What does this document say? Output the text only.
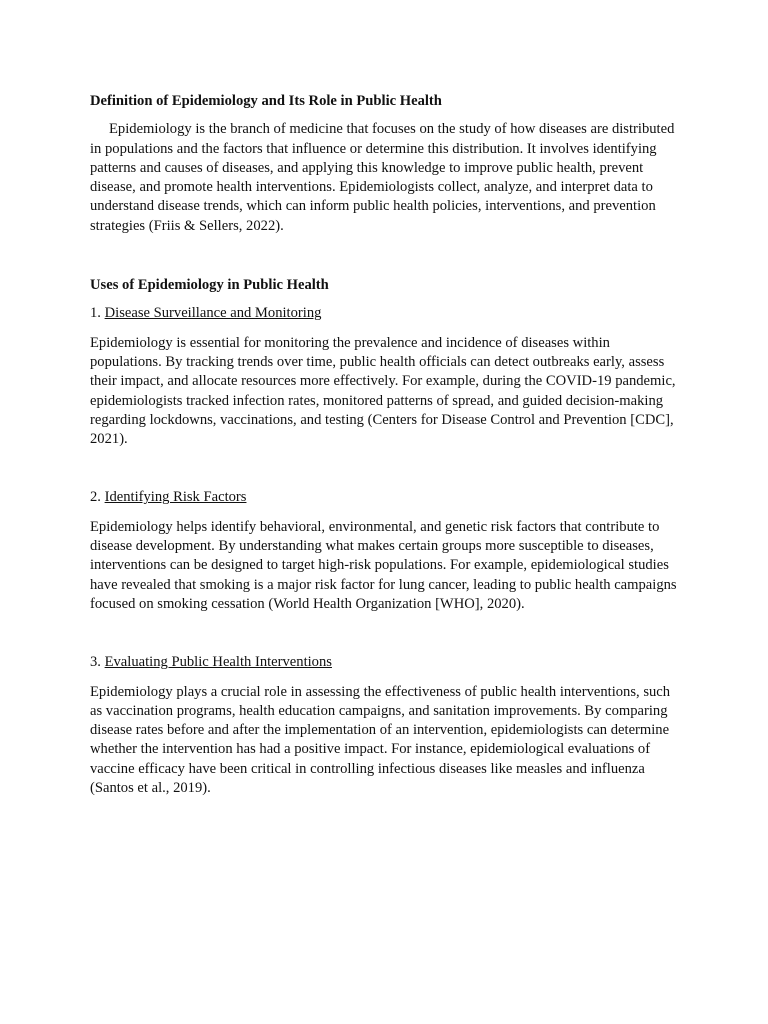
Definition of Epidemiology and Its Role in Public Health

Epidemiology is the branch of medicine that focuses on the study of how diseases are distributed in populations and the factors that influence or determine this distribution. It involves identifying patterns and causes of diseases, and applying this knowledge to improve public health, prevent disease, and promote health interventions. Epidemiologists collect, analyze, and interpret data to understand disease trends, which can inform public health policies, interventions, and prevention strategies (Friis & Sellers, 2022).

Uses of Epidemiology in Public Health
1. Disease Surveillance and Monitoring

Epidemiology is essential for monitoring the prevalence and incidence of diseases within populations. By tracking trends over time, public health officials can detect outbreaks early, assess their impact, and allocate resources more effectively. For example, during the COVID-19 pandemic, epidemiologists tracked infection rates, monitored patterns of spread, and guided decision-making regarding lockdowns, vaccinations, and testing (Centers for Disease Control and Prevention [CDC], 2021).

2. Identifying Risk Factors

Epidemiology helps identify behavioral, environmental, and genetic risk factors that contribute to disease development. By understanding what makes certain groups more susceptible to diseases, interventions can be designed to target high-risk populations. For example, epidemiological studies have revealed that smoking is a major risk factor for lung cancer, leading to public health campaigns focused on smoking cessation (World Health Organization [WHO], 2020).

3. Evaluating Public Health Interventions

Epidemiology plays a crucial role in assessing the effectiveness of public health interventions, such as vaccination programs, health education campaigns, and sanitation improvements. By comparing disease rates before and after the implementation of an intervention, epidemiologists can determine whether the intervention has had a positive impact. For instance, epidemiological evaluations of vaccine efficacy have been critical in controlling infectious diseases like measles and influenza (Santos et al., 2019).
